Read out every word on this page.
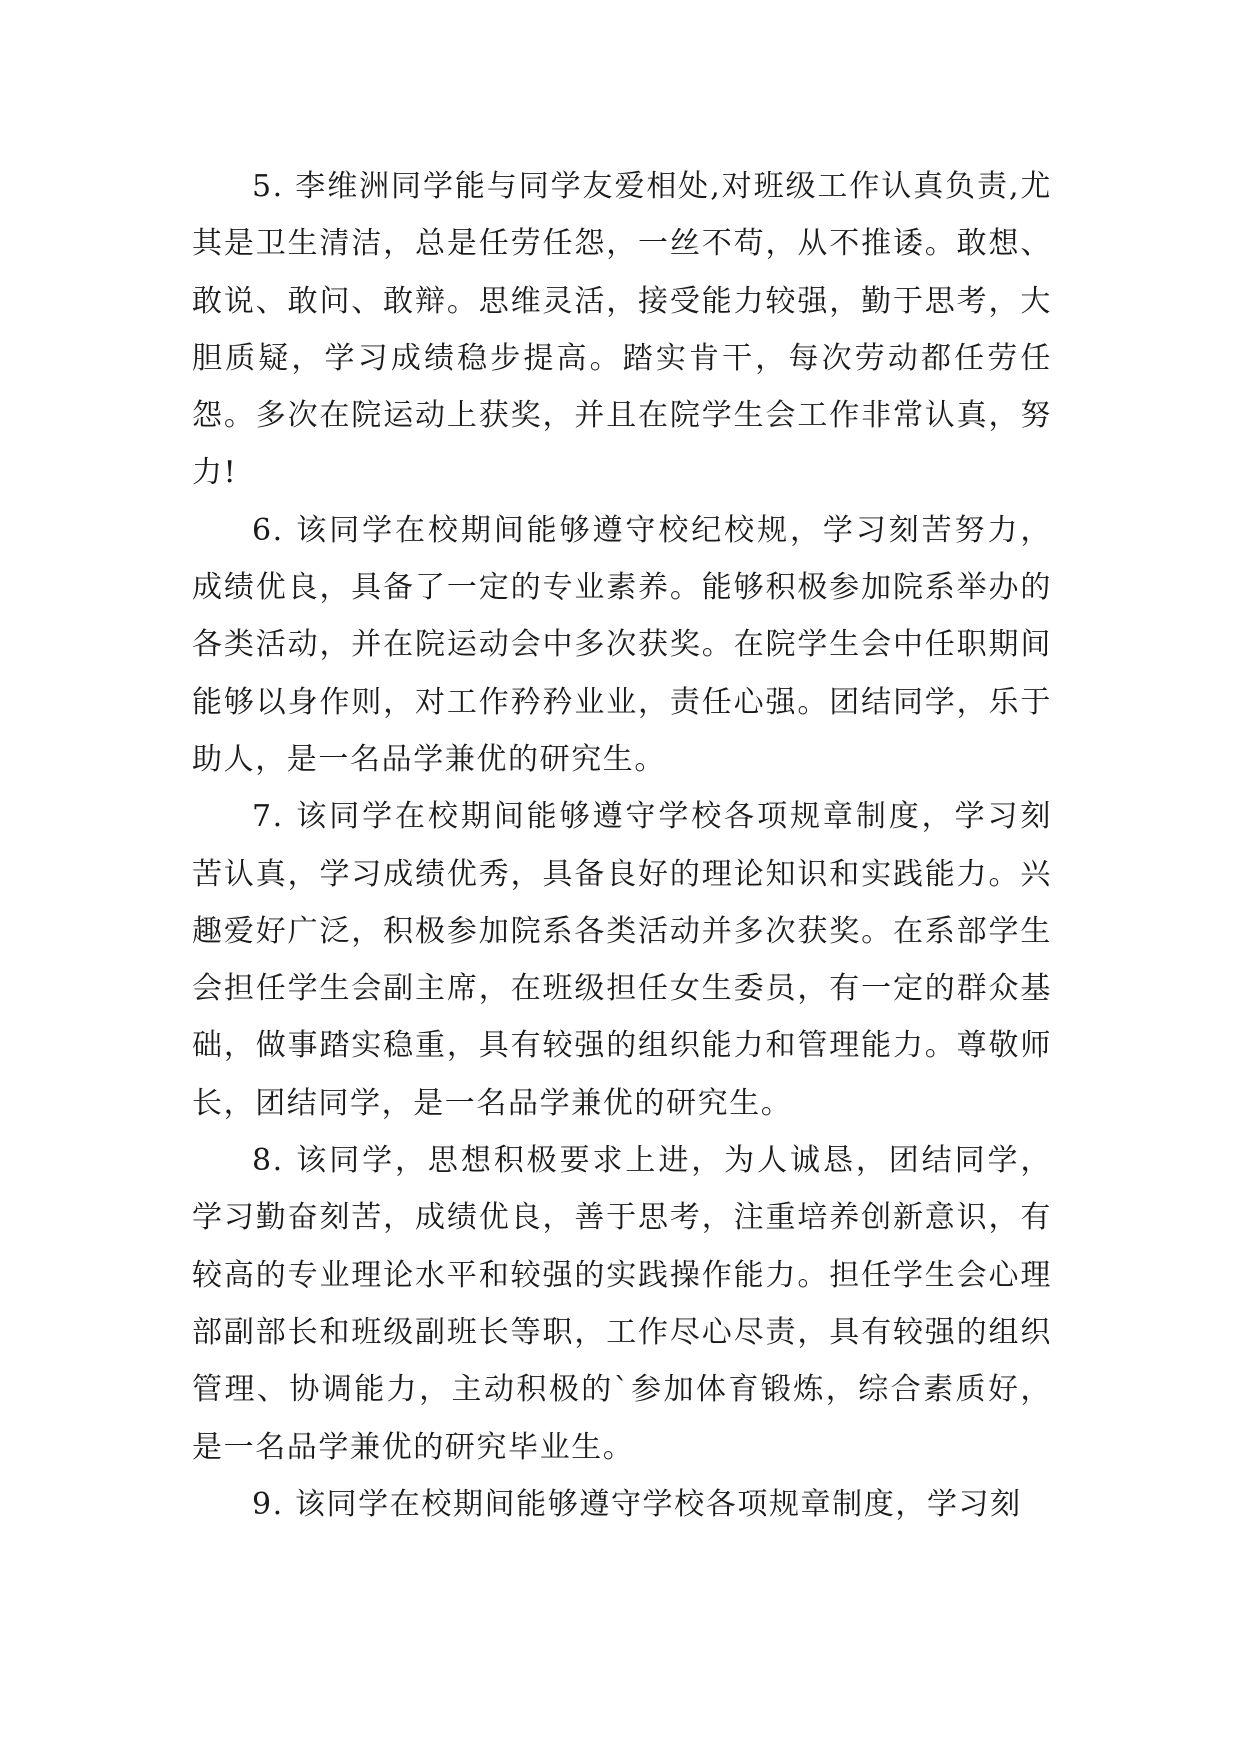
5. 李维洲同学能与同学友爱相处,对班级工作认真负责,尤其是卫生清洁，总是任劳任怨，一丝不苟，从不推诿。敢想、敢说、敢问、敢辩。思维灵活，接受能力较强，勤于思考，大胆质疑，学习成绩稳步提高。踏实肯干，每次劳动都任劳任怨。多次在院运动上获奖，并且在院学生会工作非常认真，努力!

6. 该同学在校期间能够遵守校纪校规，学习刻苦努力，成绩优良，具备了一定的专业素养。能够积极参加院系举办的各类活动，并在院运动会中多次获奖。在院学生会中任职期间能够以身作则，对工作矜矜业业，责任心强。团结同学，乐于助人，是一名品学兼优的研究生。

7. 该同学在校期间能够遵守学校各项规章制度，学习刻苦认真，学习成绩优秀，具备良好的理论知识和实践能力。兴趣爱好广泛，积极参加院系各类活动并多次获奖。在系部学生会担任学生会副主席，在班级担任女生委员，有一定的群众基础，做事踏实稳重，具有较强的组织能力和管理能力。尊敬师长，团结同学，是一名品学兼优的研究生。

8. 该同学，思想积极要求上进，为人诚恳，团结同学，学习勤奋刻苦，成绩优良，善于思考，注重培养创新意识，有较高的专业理论水平和较强的实践操作能力。担任学生会心理部副部长和班级副班长等职，工作尽心尽责，具有较强的组织管理、协调能力，主动积极的`参加体育锻炼，综合素质好，是一名品学兼优的研究毕业生。

9. 该同学在校期间能够遵守学校各项规章制度，学习刻
